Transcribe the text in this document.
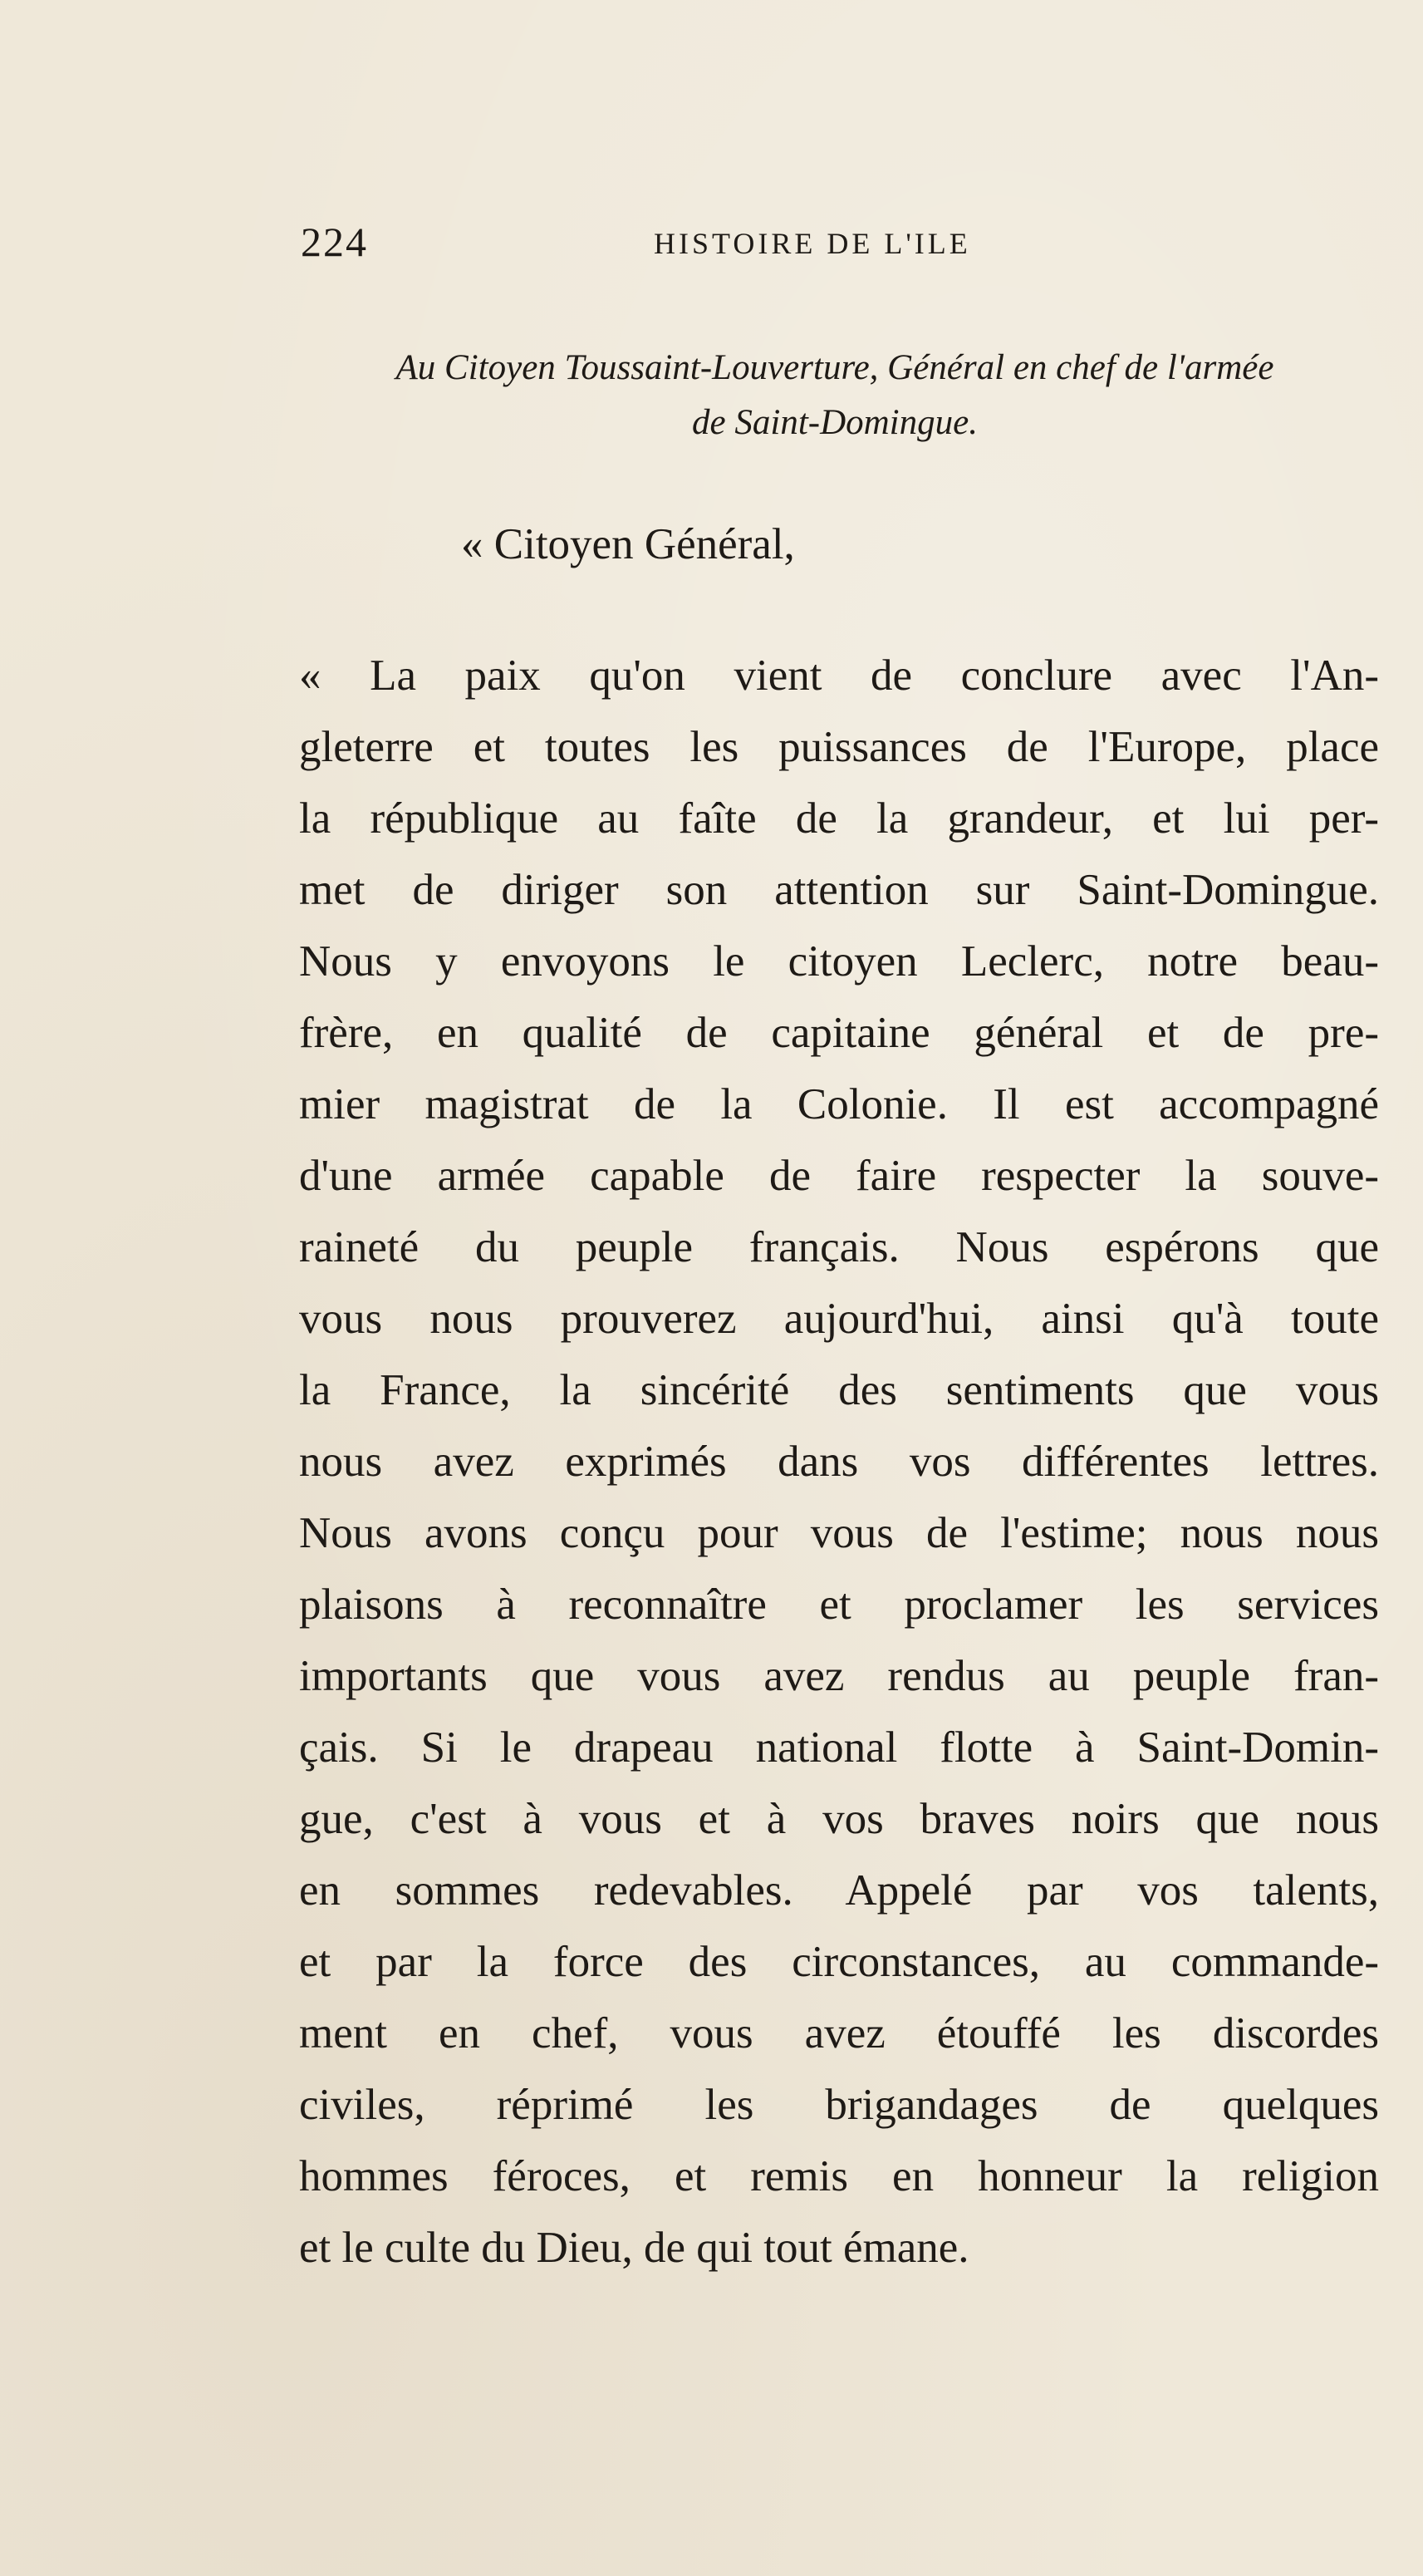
224	HISTOIRE DE L'ILE
Au Citoyen Toussaint-Louverture, Général en chef de l'armée
de Saint-Domingue.
« Citoyen Général,
« La paix qu'on vient de conclure avec l'An-
gleterre et toutes les puissances de l'Europe, place
la république au faîte de la grandeur, et lui per-
met de diriger son attention sur Saint-Domingue.
Nous y envoyons le citoyen Leclerc, notre beau-
frère, en qualité de capitaine général et de pre-
mier magistrat de la Colonie. Il est accompagné
d'une armée capable de faire respecter la souve-
raineté du peuple français. Nous espérons que
vous nous prouverez aujourd'hui, ainsi qu'à toute
la France, la sincérité des sentiments que vous
nous avez exprimés dans vos différentes lettres.
Nous avons conçu pour vous de l'estime; nous nous
plaisons à reconnaître et proclamer les services
importants que vous avez rendus au peuple fran-
çais. Si le drapeau national flotte à Saint-Domin-
gue, c'est à vous et à vos braves noirs que nous
en sommes redevables. Appelé par vos talents,
et par la force des circonstances, au commande-
ment en chef, vous avez étouffé les discordes
civiles, réprimé les brigandages de quelques
hommes féroces, et remis en honneur la religion
et le culte du Dieu, de qui tout émane.
